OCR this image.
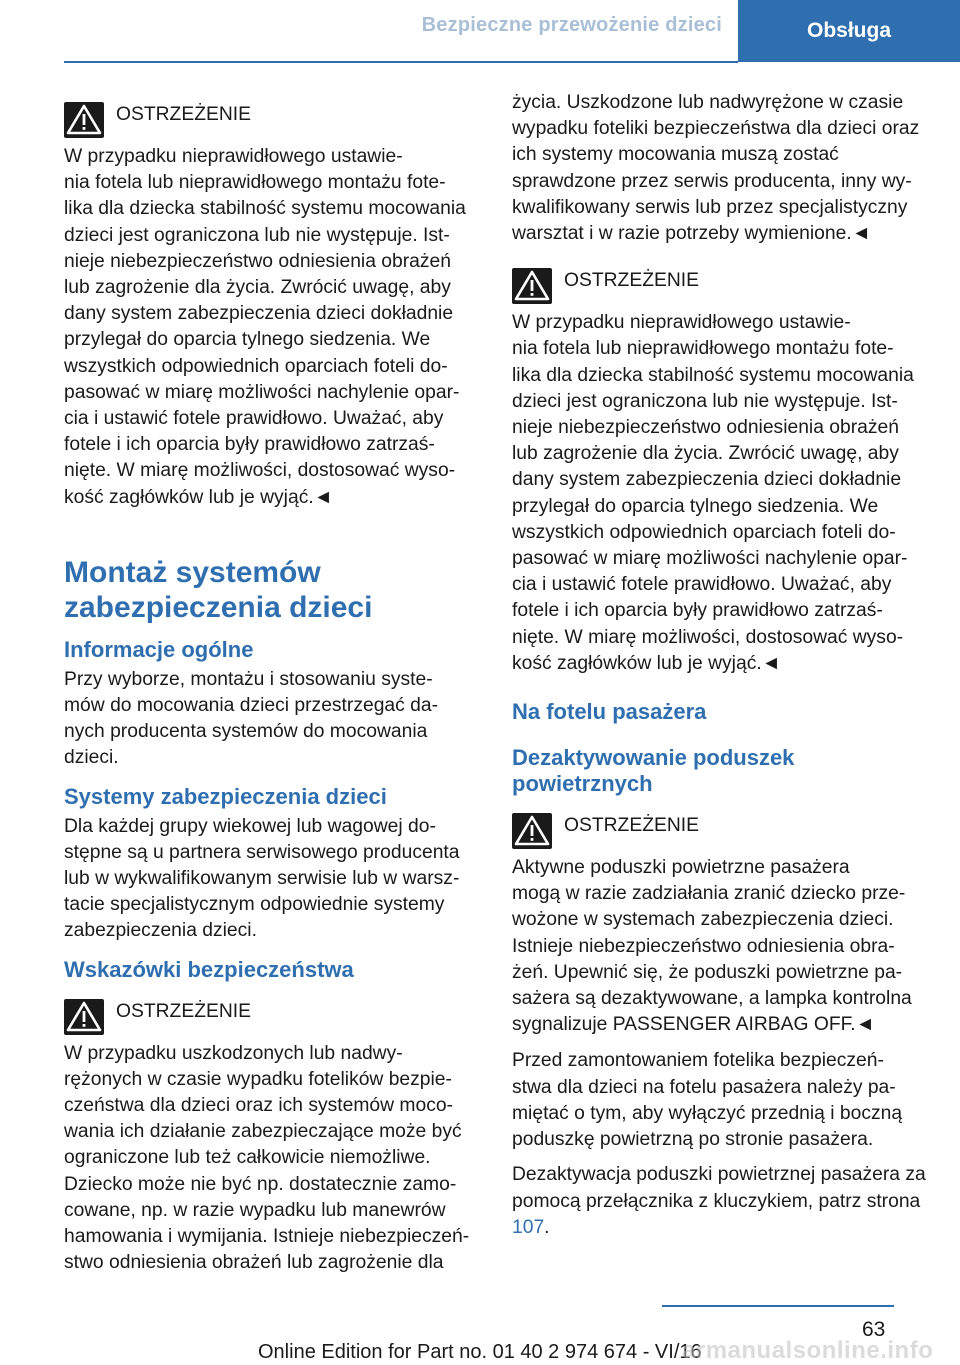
Bezpieczne przewożenie dzieci	Obsługa
OSTRZEŻENIE

W przypadku nieprawidłowego ustawie‐

nia fotela lub nieprawidłowego montażu fote‐ lika dla dziecka stabilność systemu mocowania dzieci jest ograniczona lub nie występuje. Ist‐ nieje niebezpieczeństwo odniesienia obrażeń lub zagrożenie dla życia. Zwrócić uwagę, aby dany system zabezpieczenia dzieci dokładnie przylegał do oparcia tylnego siedzenia. We wszystkich odpowiednich oparciach foteli do‐ pasować w miarę możliwości nachylenie opar‐ cia i ustawić fotele prawidłowo. Uważać, aby fotele i ich oparcia były prawidłowo zatrzaś‐ nięte. W miarę możliwości, dostosować wyso‐ kość zagłówków lub je wyjąć.◄

Montaż systemów zabezpieczenia dzieci
Informacje ogólne

Przy wyborze, montażu i stosowaniu syste‐ mów do mocowania dzieci przestrzegać da‐ nych producenta systemów do mocowania dzieci.

Systemy zabezpieczenia dzieci

Dla każdej grupy wiekowej lub wagowej do‐ stępne są u partnera serwisowego producenta lub w wykwalifikowanym serwisie lub w warsz‐ tacie specjalistycznym odpowiednie systemy zabezpieczenia dzieci.

Wskazówki bezpieczeństwa
OSTRZEŻENIE

W przypadku uszkodzonych lub nadwy‐

rężonych w czasie wypadku fotelików bezpie‐ czeństwa dla dzieci oraz ich systemów moco‐ wania ich działanie zabezpieczające może być ograniczone lub też całkowicie niemożliwe. Dziecko może nie być np. dostatecznie zamo‐ cowane, np. w razie wypadku lub manewrów hamowania i wymijania. Istnieje niebezpieczeń‐ stwo odniesienia obrażeń lub zagrożenie dla

życia. Uszkodzone lub nadwyrężone w czasie wypadku foteliki bezpieczeństwa dla dzieci oraz ich systemy mocowania muszą zostać sprawdzone przez serwis producenta, inny wy‐ kwalifikowany serwis lub przez specjalistyczny warsztat i w razie potrzeby wymienione.◄

OSTRZEŻENIE

W przypadku nieprawidłowego ustawie‐

nia fotela lub nieprawidłowego montażu fote‐ lika dla dziecka stabilność systemu mocowania dzieci jest ograniczona lub nie występuje. Ist‐ nieje niebezpieczeństwo odniesienia obrażeń lub zagrożenie dla życia. Zwrócić uwagę, aby dany system zabezpieczenia dzieci dokładnie przylegał do oparcia tylnego siedzenia. We wszystkich odpowiednich oparciach foteli do‐ pasować w miarę możliwości nachylenie opar‐ cia i ustawić fotele prawidłowo. Uważać, aby fotele i ich oparcia były prawidłowo zatrzaś‐ nięte. W miarę możliwości, dostosować wyso‐ kość zagłówków lub je wyjąć.◄

Na fotelu pasażera
Dezaktywowanie poduszek powietrznych
OSTRZEŻENIE

Aktywne poduszki powietrzne pasażera

mogą w razie zadziałania zranić dziecko prze‐ wożone w systemach zabezpieczenia dzieci. Istnieje niebezpieczeństwo odniesienia obra‐ żeń. Upewnić się, że poduszki powietrzne pa‐ sażera są dezaktywowane, a lampka kontrolna sygnalizuje PASSENGER AIRBAG OFF.◄

Przed zamontowaniem fotelika bezpieczeń‐ stwa dla dzieci na fotelu pasażera należy pa‐ miętać o tym, aby wyłączyć przednią i boczną poduszkę powietrzną po stronie pasażera.

Dezaktywacja poduszki powietrznej pasażera za pomocą przełącznika z kluczykiem, patrz strona 107.

63
Online Edition for Part no. 01 40 2 974 674 - VI/16
armanualsonline.info
